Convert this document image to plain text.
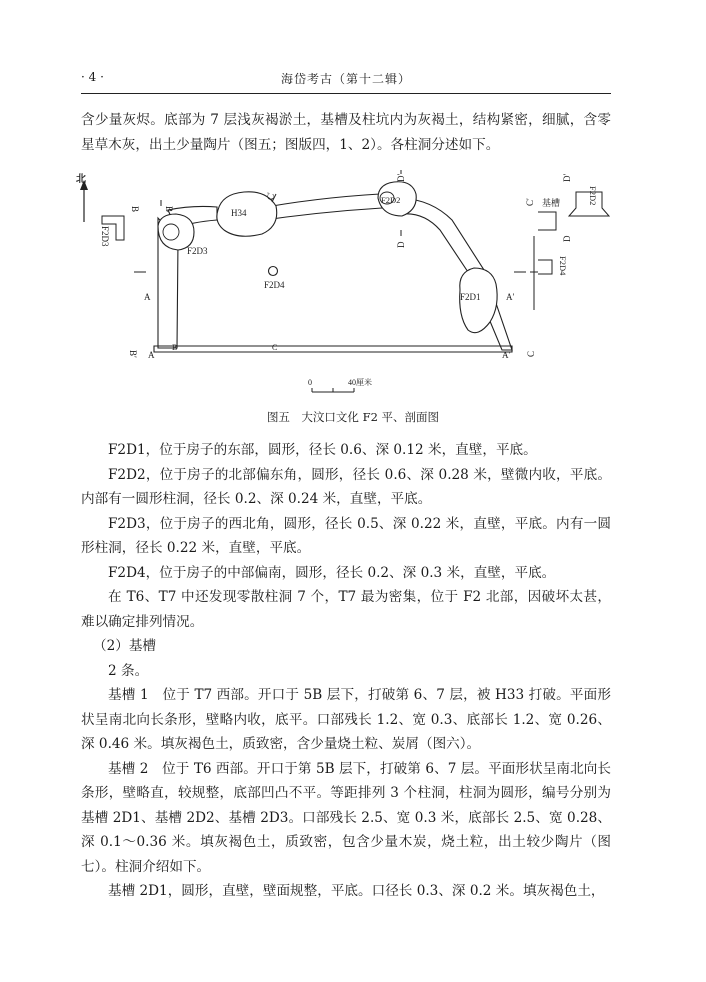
· 4 ·	海岱考古（第十二辑）

含少量灰烬。底部为 7 层浅灰褐淤土，基槽及柱坑内为灰褐土，结构紧密，细腻，含零星草木灰，出土少量陶片（图五；图版四，1、2）。各柱洞分述如下。

北
F2D3
H34
F2D2
F2D1
F2D3
F2D4
基槽
A	A′
A	A′
B	B
B′
B
C′
C
C
C′
D′
D
D
D′
F2D2
F2D4
0	40厘米
图五　大汶口文化 F2 平、剖面图

F2D1，位于房子的东部，圆形，径长 0.6、深 0.12 米，直壁，平底。

F2D2，位于房子的北部偏东角，圆形，径长 0.6、深 0.28 米，壁微内收，平底。内部有一圆形柱洞，径长 0.2、深 0.24 米，直壁，平底。

F2D3，位于房子的西北角，圆形，径长 0.5、深 0.22 米，直壁，平底。内有一圆形柱洞，径长 0.22 米，直壁，平底。

F2D4，位于房子的中部偏南，圆形，径长 0.2、深 0.3 米，直壁，平底。

在 T6、T7 中还发现零散柱洞 7 个，T7 最为密集，位于 F2 北部，因破坏太甚，难以确定排列情况。

（2）基槽

2 条。

基槽 1　位于 T7 西部。开口于 5B 层下，打破第 6、7 层，被 H33 打破。平面形状呈南北向长条形，壁略内收，底平。口部残长 1.2、宽 0.3、底部长 1.2、宽 0.26、深 0.46 米。填灰褐色土，质致密，含少量烧土粒、炭屑（图六）。

基槽 2　位于 T6 西部。开口于第 5B 层下，打破第 6、7 层。平面形状呈南北向长条形，壁略直，较规整，底部凹凸不平。等距排列 3 个柱洞，柱洞为圆形，编号分别为基槽 2D1、基槽 2D2、基槽 2D3。口部残长 2.5、宽 0.3 米，底部长 2.5、宽 0.28、深 0.1～0.36 米。填灰褐色土，质致密，包含少量木炭，烧土粒，出土较少陶片（图七）。柱洞介绍如下。

基槽 2D1，圆形，直壁，壁面规整，平底。口径长 0.3、深 0.2 米。填灰褐色土，
